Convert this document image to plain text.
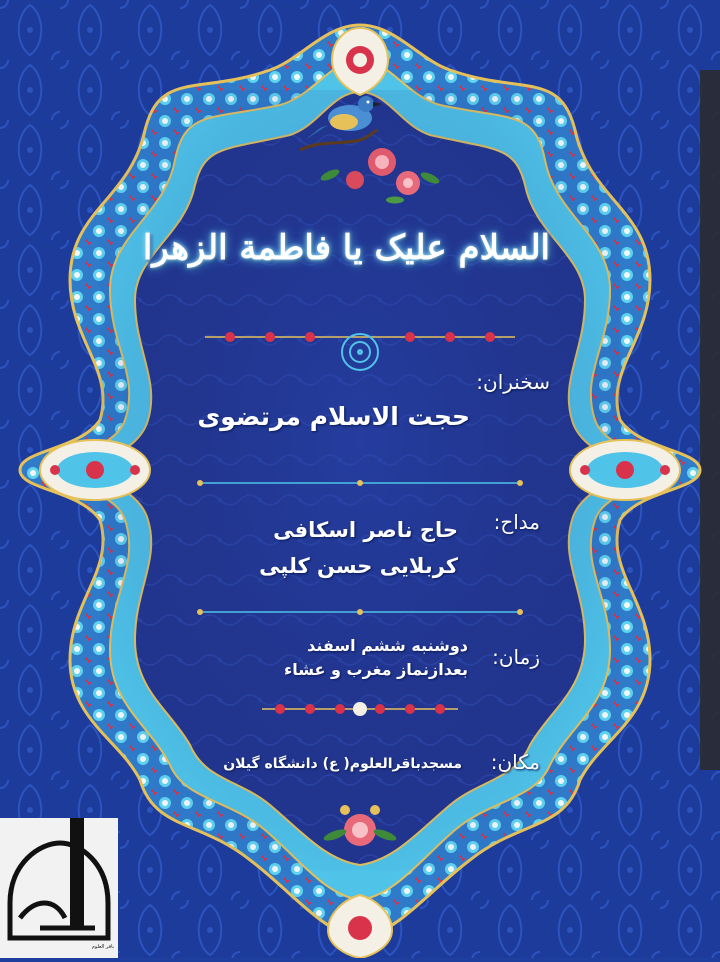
السلام علیک یا فاطمة الزهرا
سخنران:
حجت الاسلام مرتضوی
مداح:
حاج ناصر اسکافی
کربلایی حسن کلپی
زمان:
دوشنبه ششم اسفند
بعدازنماز مغرب و عشاء
مکان:
مسجدباقرالعلوم( ع) دانشگاه گیلان
باقر العلوم
